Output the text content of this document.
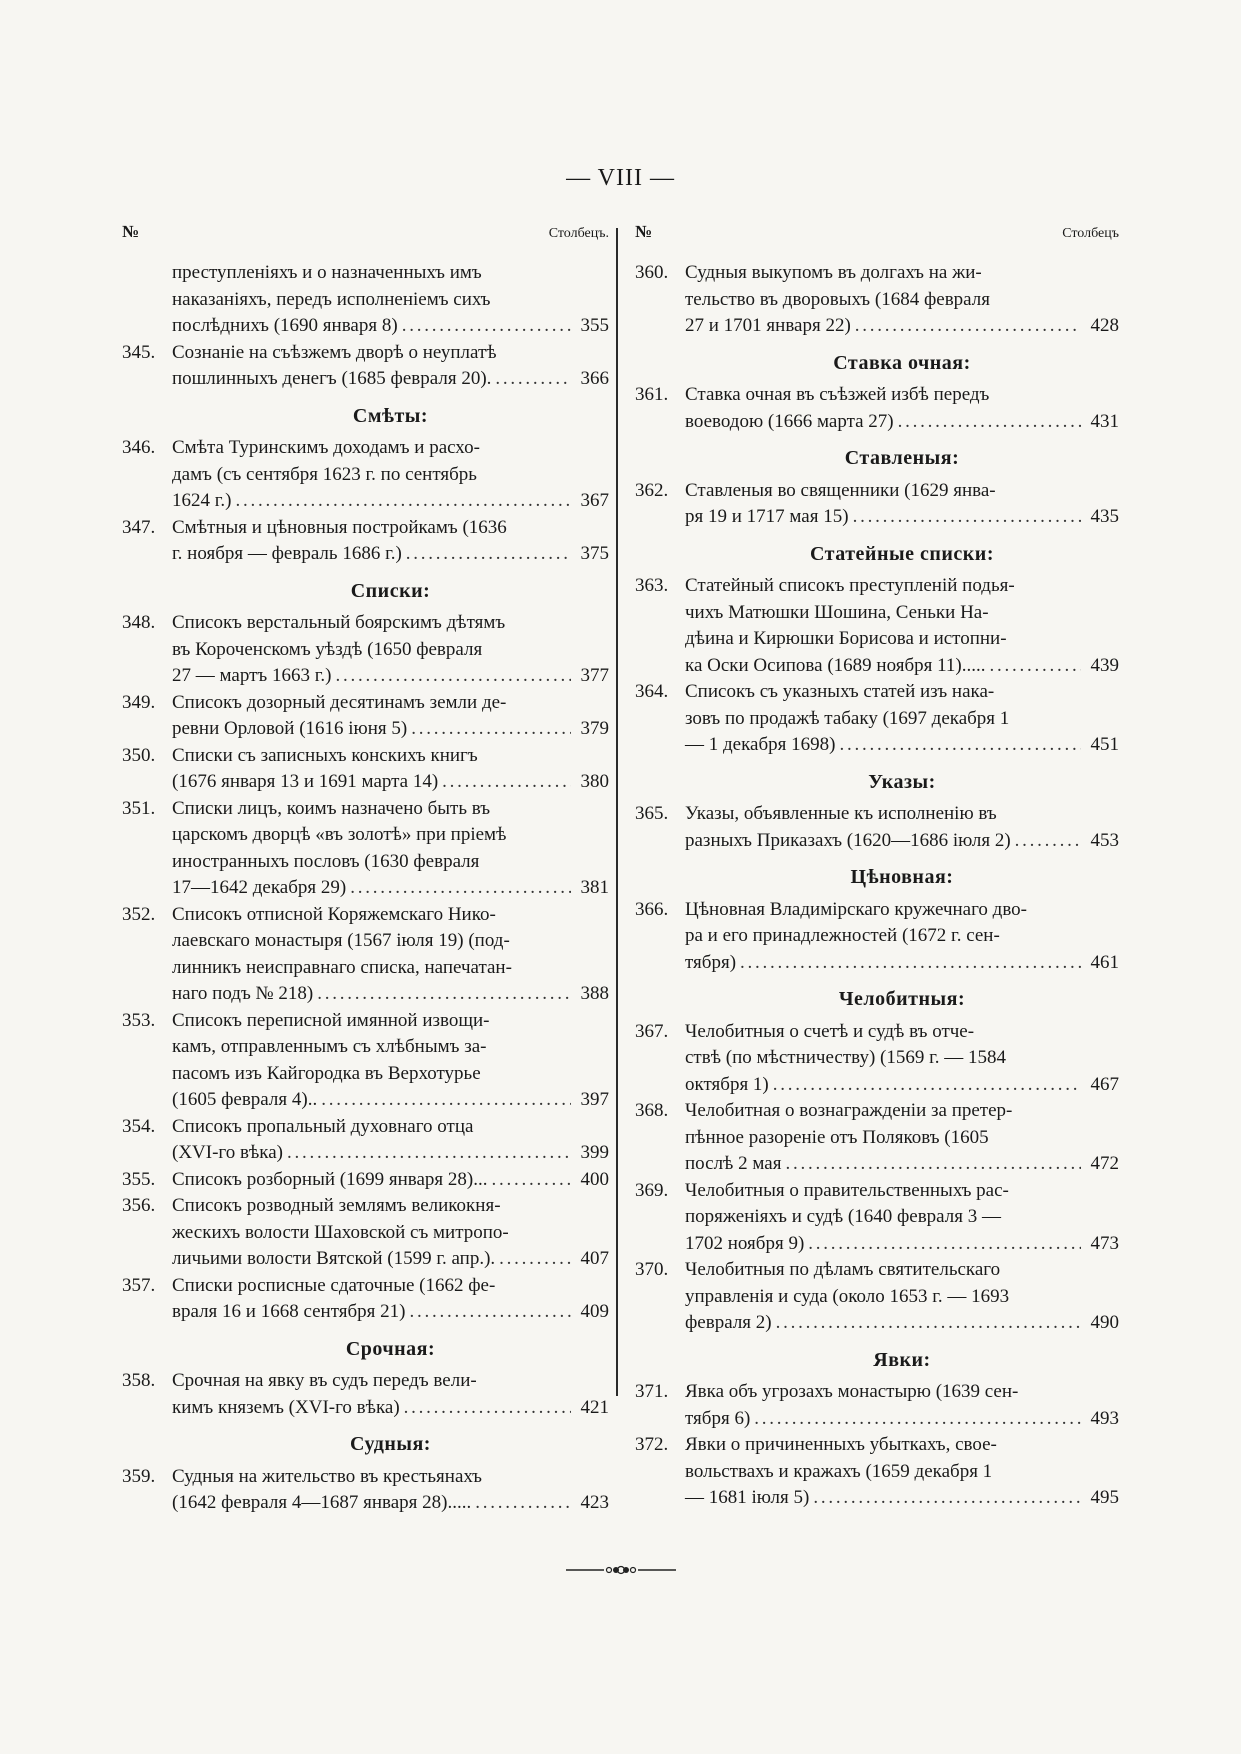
— VIII —
№	Столбецъ.
преступленіяхъ и о назначенныхъ имъ
наказаніяхъ, передъ исполненіемъ сихъ
послѣднихъ (1690 января 8) . . .	355
345. Сознаніе на съѣзжемъ дворѣ о неуплатѣ
пошлинныхъ денегъ (1685 февраля 20). . . .	366
Смѣты:
346. Смѣта Туринскимъ доходамъ и расхо-
дамъ (съ сентября 1623 г. по сентябрь
1624 г.) . . .	367
347. Смѣтныя и цѣновныя постройкамъ (1636
г. ноября — февраль 1686 г.) . . .	375
Списки:
348. Списокъ верстальный боярскимъ дѣтямъ
въ Короченскомъ уѣздѣ (1650 февраля
27 — мартъ 1663 г.) . . .	377
349. Списокъ дозорный десятинамъ земли де-
ревни Орловой (1616 іюня 5) . . .	379
350. Списки съ записныхъ конскихъ книгъ
(1676 января 13 и 1691 марта 14) . . .	380
351. Списки лицъ, коимъ назначено быть въ
царскомъ дворцѣ «въ золотѣ» при пріемѣ
иностранныхъ пословъ (1630 февраля
17—1642 декабря 29) . . .	381
352. Списокъ отписной Коряжемскаго Нико-
лаевскаго монастыря (1567 іюля 19) (под-
линникъ неисправнаго списка, напечатан-
наго подъ № 218) . . .	388
353. Списокъ переписной имянной извощи-
камъ, отправленнымъ съ хлѣбнымъ за-
пасомъ изъ Кайгородка въ Верхотурье
(1605 февраля 4).. . . .	397
354. Списокъ пропальный духовнаго отца
(XVI-го вѣка) . . .	399
355. Списокъ розборный (1699 января 28)... . . .	400
356. Списокъ розводный землямъ великокня-
жескихъ волости Шаховской съ митропо-
личьими волости Вятской (1599 г. апр.). . . .	407
357. Списки росписные сдаточные (1662 фе-
враля 16 и 1668 сентября 21) . . .	409
Срочная:
358. Срочная на явку въ судъ передъ вели-
кимъ княземъ (XVI-го вѣка) . . .	421
Судныя:
359. Судныя на жительство въ крестьянахъ
(1642 февраля 4—1687 января 28)..... . . .	423
№	Столбецъ
360. Судныя выкупомъ въ долгахъ на жи-
тельство въ дворовыхъ (1684 февраля
27 и 1701 января 22) . . .	428
Ставка очная:
361. Ставка очная въ съѣзжей избѣ передъ
воеводою (1666 марта 27) . . .	431
Ставленыя:
362. Ставленыя во священники (1629 янва-
ря 19 и 1717 мая 15) . . .	435
Статейные списки:
363. Статейный списокъ преступленій подья-
чихъ Матюшки Шошина, Сеньки На-
дѣина и Кирюшки Борисова и истопни-
ка Оски Осипова (1689 ноября 11)..... . . .	439
364. Списокъ съ указныхъ статей изъ нака-
зовъ по продажѣ табаку (1697 декабря 1
— 1 декабря 1698) . . .	451
Указы:
365. Указы, объявленные къ исполненію въ
разныхъ Приказахъ (1620—1686 іюля 2) . . .	453
Цѣновная:
366. Цѣновная Владимірскаго кружечнаго дво-
ра и его принадлежностей (1672 г. сен-
тября) . . .	461
Челобитныя:
367. Челобитныя о счетѣ и судѣ въ отче-
ствѣ (по мѣстничеству) (1569 г. — 1584
октября 1) . . .	467
368. Челобитная о вознагражденіи за претер-
пѣнное разореніе отъ Поляковъ (1605
послѣ 2 мая . . .	472
369. Челобитныя о правительственныхъ рас-
поряженіяхъ и судѣ (1640 февраля 3 —
1702 ноября 9) . . .	473
370. Челобитныя по дѣламъ святительскаго
управленія и суда (около 1653 г. — 1693
февраля 2) . . .	490
Явки:
371. Явка объ угрозахъ монастырю (1639 сен-
тября 6) . . .	493
372. Явки о причиненныхъ убыткахъ, свое-
вольствахъ и кражахъ (1659 декабря 1
— 1681 іюля 5) . . .	495
